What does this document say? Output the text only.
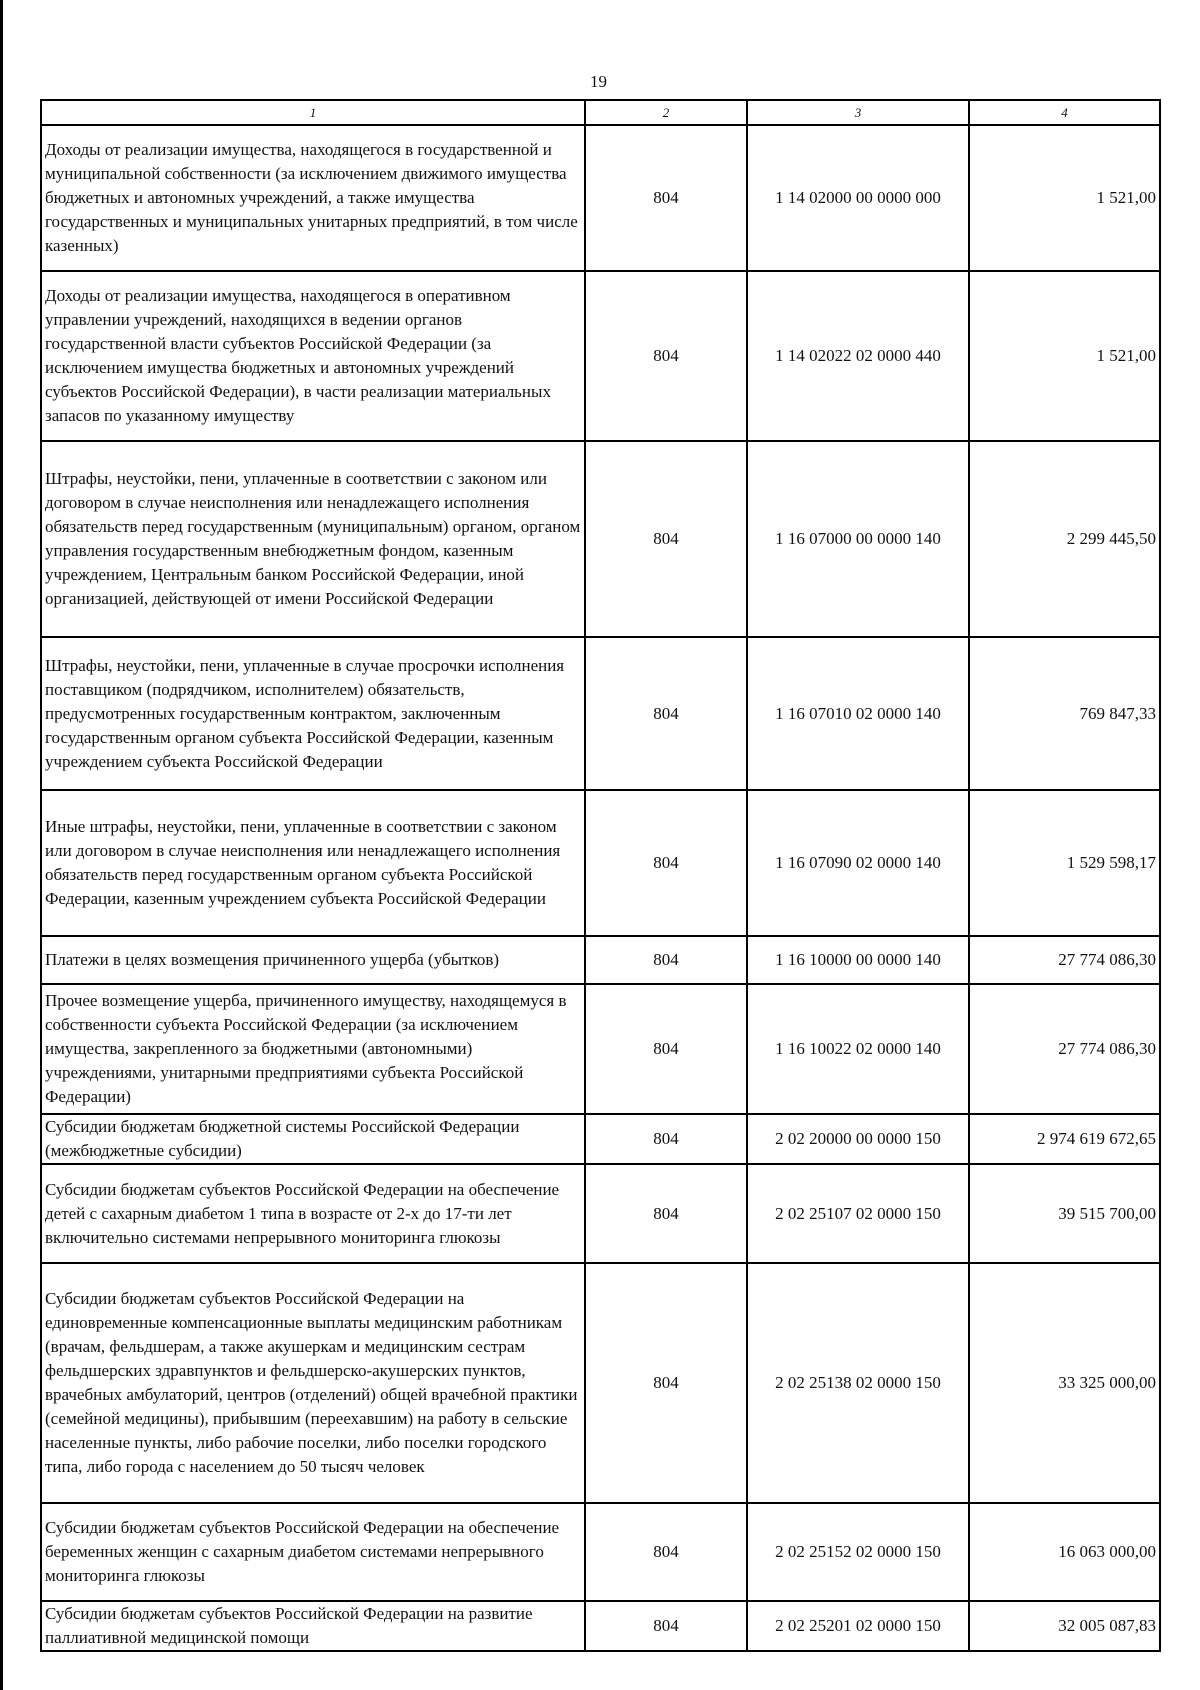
19
1	2	3	4
Доходы от реализации имущества, находящегося в государственной и муниципальной собственности (за исключением движимого имущества бюджетных и автономных учреждений, а также имущества государственных и муниципальных унитарных предприятий, в том числе казенных)	804	1 14 02000 00 0000 000	1 521,00
Доходы от реализации имущества, находящегося в оперативном управлении учреждений, находящихся в ведении органов государственной власти субъектов Российской Федерации (за исключением имущества бюджетных и автономных учреждений субъектов Российской Федерации), в части реализации материальных запасов по указанному имуществу	804	1 14 02022 02 0000 440	1 521,00
Штрафы, неустойки, пени, уплаченные в соответствии с законом или договором в случае неисполнения или ненадлежащего исполнения обязательств перед государственным (муниципальным) органом, органом управления государственным внебюджетным фондом, казенным учреждением, Центральным банком Российской Федерации, иной организацией, действующей от имени Российской Федерации	804	1 16 07000 00 0000 140	2 299 445,50
Штрафы, неустойки, пени, уплаченные в случае просрочки исполнения поставщиком (подрядчиком, исполнителем) обязательств, предусмотренных государственным контрактом, заключенным государственным органом субъекта Российской Федерации, казенным учреждением субъекта Российской Федерации	804	1 16 07010 02 0000 140	769 847,33
Иные штрафы, неустойки, пени, уплаченные в соответствии с законом или договором в случае неисполнения или ненадлежащего исполнения обязательств перед государственным органом субъекта Российской Федерации, казенным учреждением субъекта Российской Федерации	804	1 16 07090 02 0000 140	1 529 598,17
Платежи в целях возмещения причиненного ущерба (убытков)	804	1 16 10000 00 0000 140	27 774 086,30
Прочее возмещение ущерба, причиненного имуществу, находящемуся в собственности субъекта Российской Федерации (за исключением имущества, закрепленного за бюджетными (автономными) учреждениями, унитарными предприятиями субъекта Российской Федерации)	804	1 16 10022 02 0000 140	27 774 086,30
Субсидии бюджетам бюджетной системы Российской Федерации (межбюджетные субсидии)	804	2 02 20000 00 0000 150	2 974 619 672,65
Субсидии бюджетам субъектов Российской Федерации на обеспечение детей с сахарным диабетом 1 типа в возрасте от 2-х до 17-ти лет включительно системами непрерывного мониторинга глюкозы	804	2 02 25107 02 0000 150	39 515 700,00
Субсидии бюджетам субъектов Российской Федерации на единовременные компенсационные выплаты медицинским работникам (врачам, фельдшерам, а также акушеркам и медицинским сестрам фельдшерских здравпунктов и фельдшерско-акушерских пунктов, врачебных амбулаторий, центров (отделений) общей врачебной практики (семейной медицины), прибывшим (переехавшим) на работу в сельские населенные пункты, либо рабочие поселки, либо поселки городского типа, либо города с населением до 50 тысяч человек	804	2 02 25138 02 0000 150	33 325 000,00
Субсидии бюджетам субъектов Российской Федерации на обеспечение беременных женщин с сахарным диабетом системами непрерывного мониторинга глюкозы	804	2 02 25152 02 0000 150	16 063 000,00
Субсидии бюджетам субъектов Российской Федерации на развитие паллиативной медицинской помощи	804	2 02 25201 02 0000 150	32 005 087,83
